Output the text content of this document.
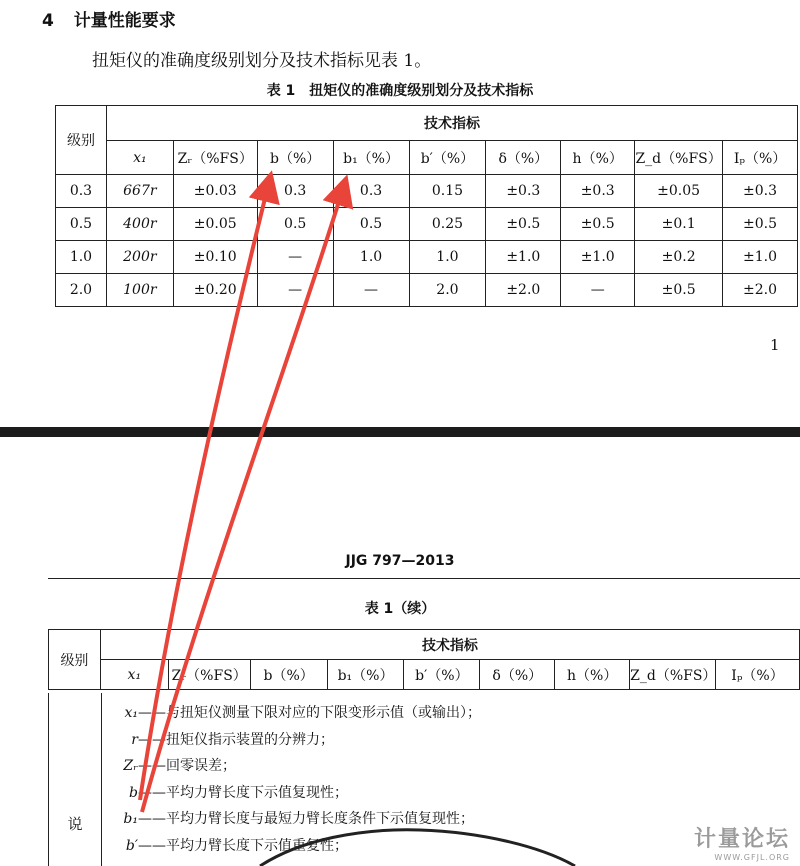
4 计量性能要求
扭矩仪的准确度级别划分及技术指标见表 1。
表 1　扭矩仪的准确度级别划分及技术指标
级别	技术指标								
	x₁	Zᵣ（%FS）	b（%）	b₁（%）	b′（%）	δ（%）	h（%）	Z_d（%FS）	Iₚ（%）
0.3	667r	±0.03	0.3	0.3	0.15	±0.3	±0.3	±0.05	±0.3
0.5	400r	±0.05	0.5	0.5	0.25	±0.5	±0.5	±0.1	±0.5
1.0	200r	±0.10	—	1.0	1.0	±1.0	±1.0	±0.2	±1.0
2.0	100r	±0.20	—	—	2.0	±2.0	—	±0.5	±2.0
1
JJG 797—2013
表 1（续）
级别	技术指标								
	x₁	Zᵣ（%FS）	b（%）	b₁（%）	b′（%）	δ（%）	h（%）	Z_d（%FS）	Iₚ（%）
说
x₁——与扭矩仪测量下限对应的下限变形示值（或输出）；
r——扭矩仪指示装置的分辨力；
Zᵣ——回零误差；
b——平均力臂长度下示值复现性；
b₁——平均力臂长度与最短力臂长度条件下示值复现性；
b′——平均力臂长度下示值重复性；	计量论坛
WWW.GFJL.ORG
